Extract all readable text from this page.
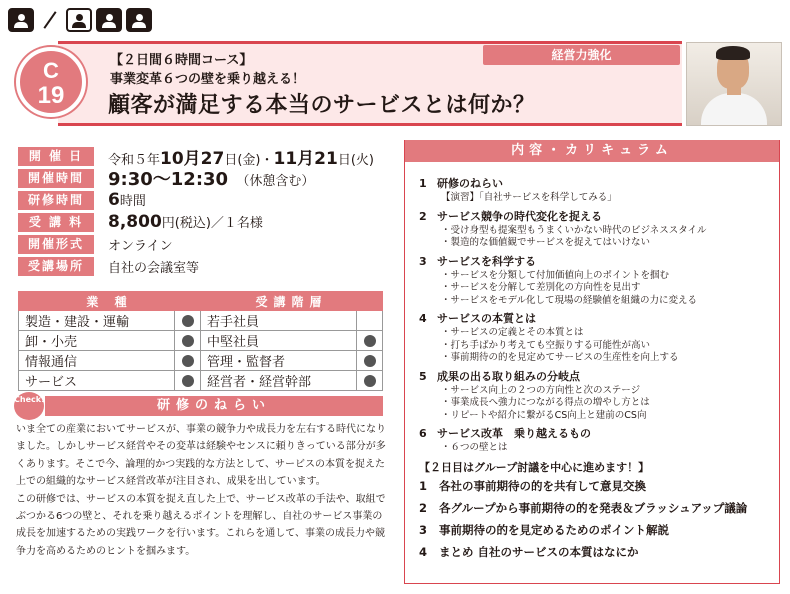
C
19
【２日間６時間コース】
事業変革６つの壁を乗り越える！
顧客が満足する本当のサービスとは何か？
経営力強化
開 催 日	令和５年10月27日(金)・11月21日(火)
開催時間	9:30～12:30 （休憩含む）
研修時間	6時間
受 講 料	8,800円(税込)／１名様
開催形式	オンライン
受講場所	自社の会議室等
業 種		受講階層	
製造・建設・運輸		若手社員	
卸・小売		中堅社員	
情報通信		管理・監督者	
サービス		経営者・経営幹部	
Check!	研修のねらい

いま全ての産業においてサービスが、事業の競争力や成長力を左右する時代になりました。しかしサービス経営やその変革は経験やセンスに頼りきっている部分が多くあります。そこで今、論理的かつ実践的な方法として、サービスの本質を捉えた上での組織的なサービス経営改革が注目され、成果を出しています。

この研修では、サービスの本質を捉え直した上で、サービス改革の手法や、取組でぶつかる6つの壁と、それを乗り越えるポイントを理解し、自社のサービス事業の成長を加速するための実践ワークを行います。これらを通して、事業の成長力や競争力を高めるためのヒントを掴みます。

内容・カリキュラム
1 研修のねらい
【演習】「自社サービスを科学してみる」
2 サービス競争の時代変化を捉える
・受け身型も提案型もうまくいかない時代のビジネススタイル
・製造的な価値観でサービスを捉えてはいけない
3 サービスを科学する
・サービスを分類して付加価値向上のポイントを掴む
・サービスを分解して差別化の方向性を見出す
・サービスをモデル化して現場の経験値を組織の力に変える
4 サービスの本質とは
・サービスの定義とその本質とは
・打ち手ばかり考えても空振りする可能性が高い
・事前期待の的を見定めてサービスの生産性を向上する
5 成果の出る取り組みの分岐点
・サービス向上の２つの方向性と次のステージ
・事業成長へ強力につながる得点の増やし方とは
・リピートや紹介に繋がるCS向上と建前のCS向
6 サービス改革　乗り越えるもの
・６つの壁とは
【２日目はグループ討議を中心に進めます！】
1 各社の事前期待の的を共有して意見交換
2 各グループから事前期待の的を発表＆ブラッシュアップ議論
3 事前期待の的を見定めるためのポイント解説
4 まとめ 自社のサービスの本質はなにか
